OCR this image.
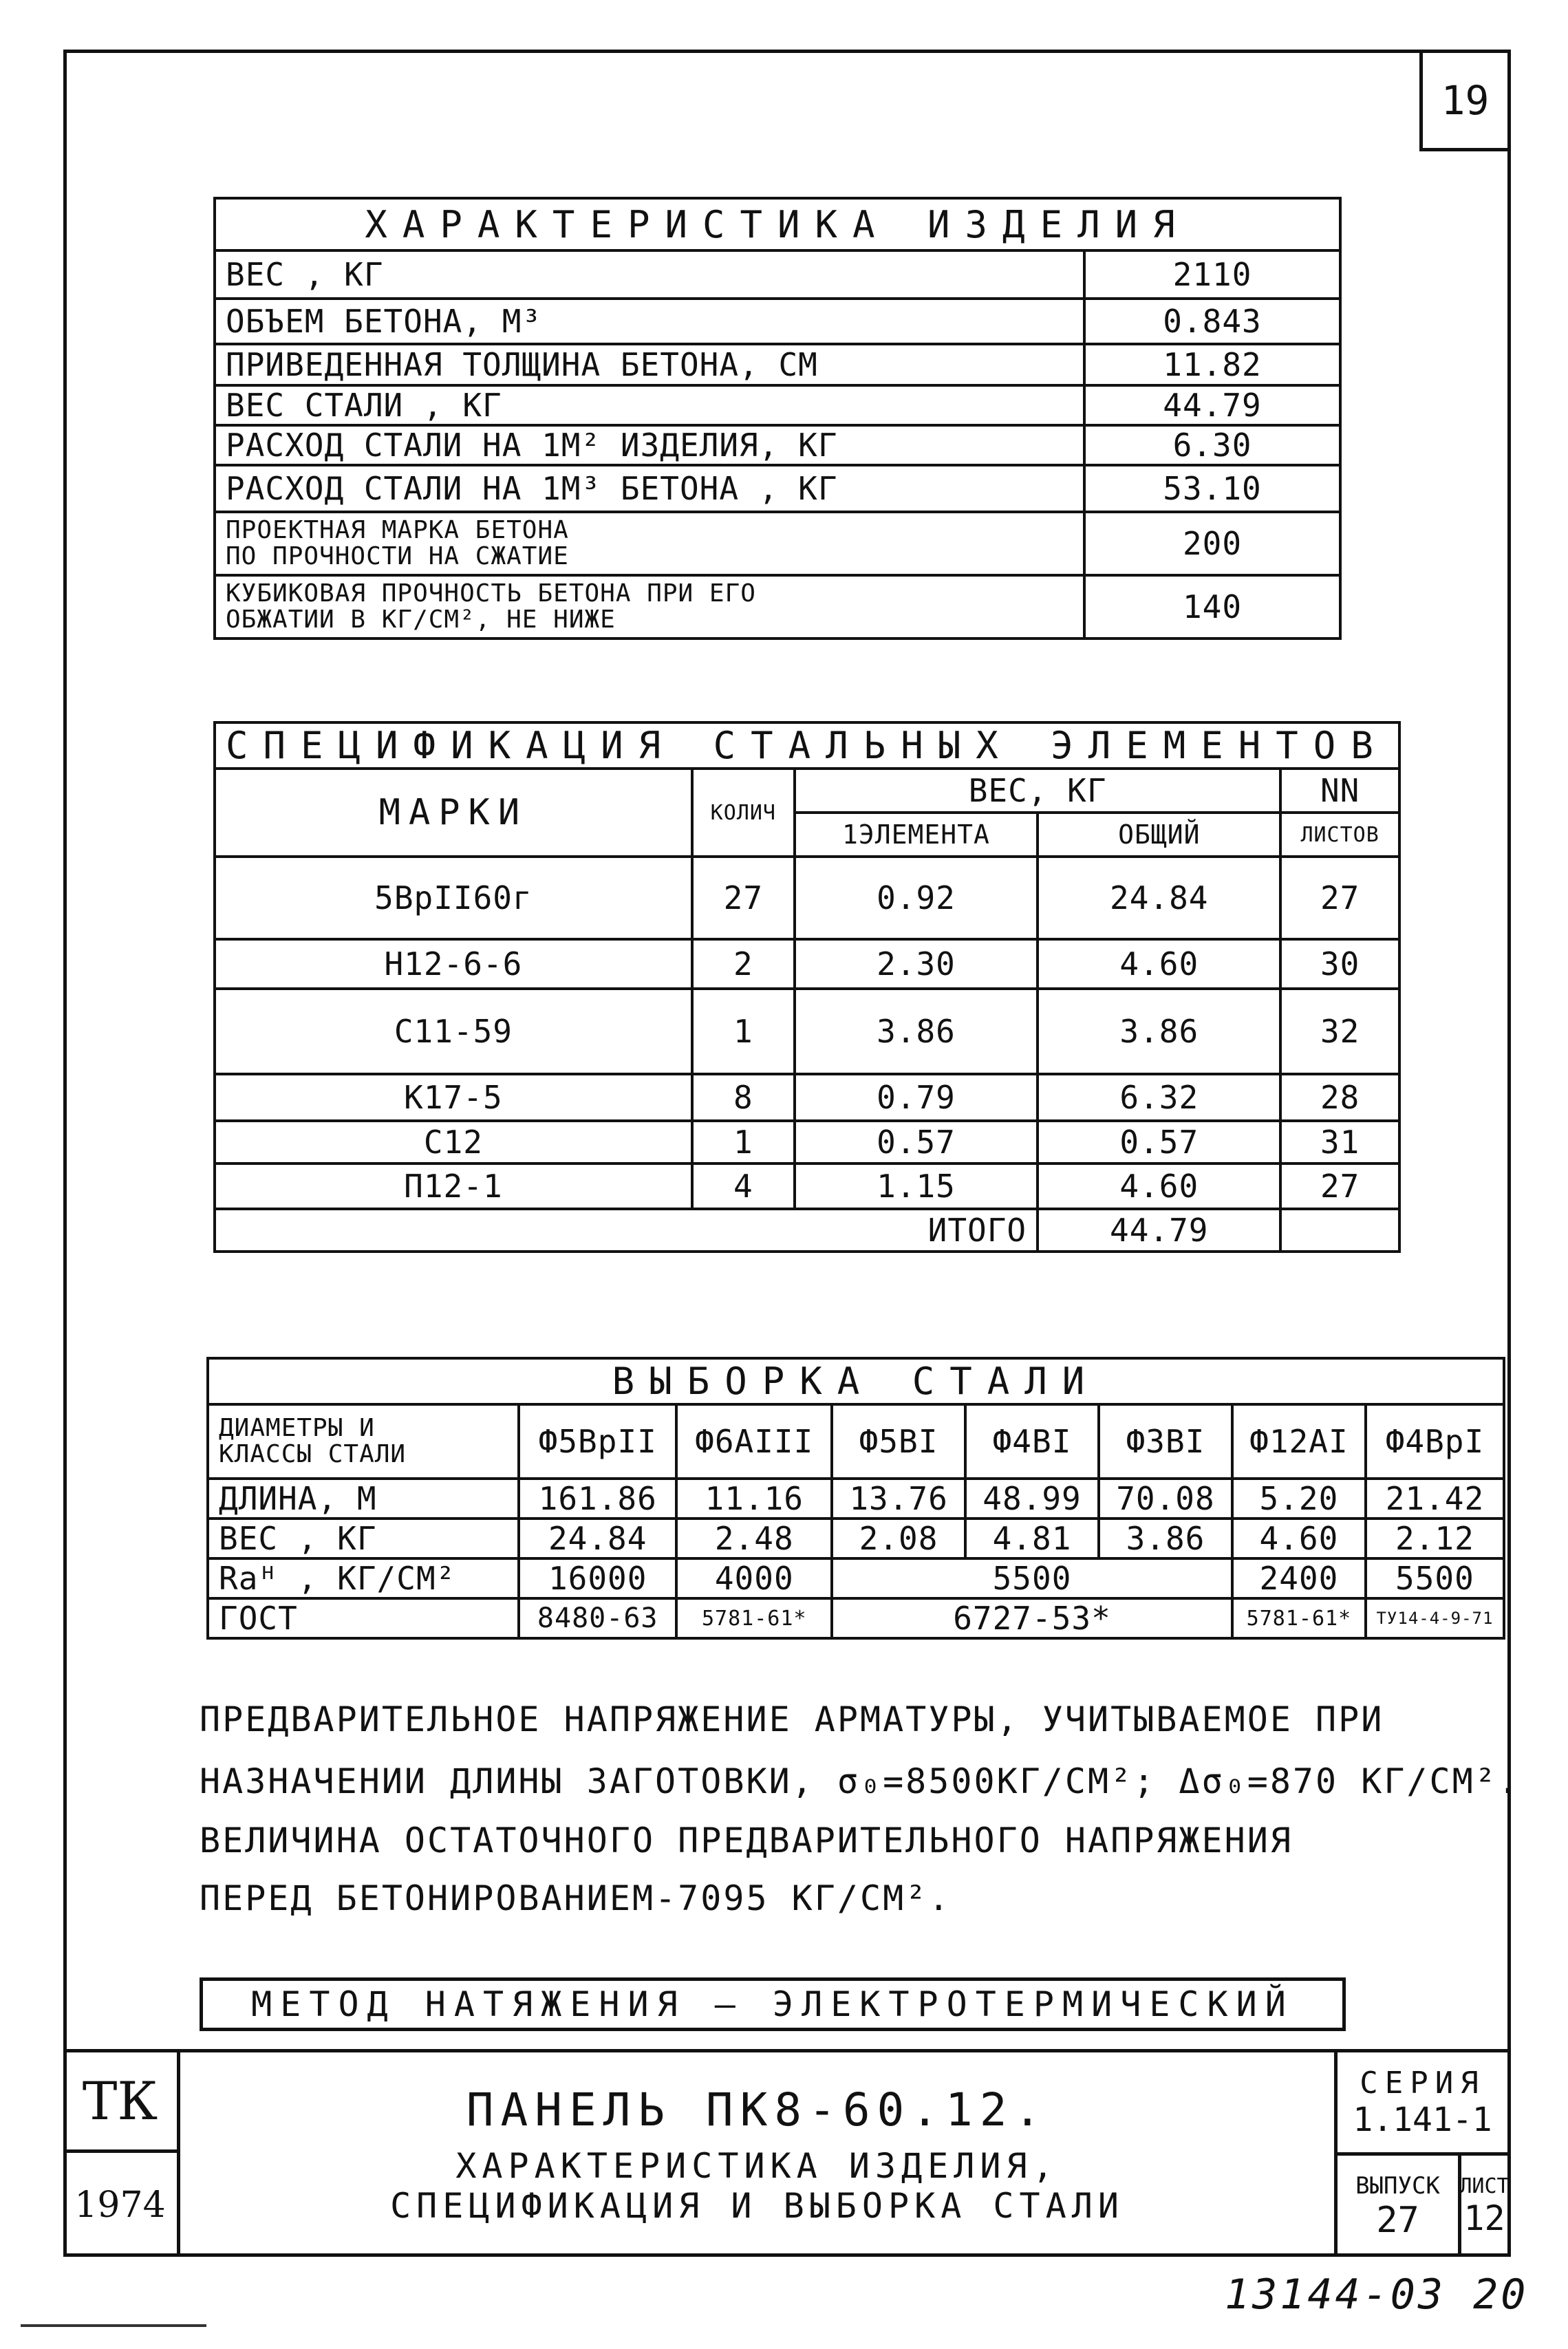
19
ХАРАКТЕРИСТИКА ИЗДЕЛИЯ	
ВЕС , КГ	2110
ОБЪЕМ БЕТОНА, М³	0.843
ПРИВЕДЕННАЯ ТОЛЩИНА БЕТОНА, СМ	11.82
ВЕС СТАЛИ , КГ	44.79
РАСХОД СТАЛИ НА 1М² ИЗДЕЛИЯ, КГ	6.30
РАСХОД СТАЛИ НА 1М³ БЕТОНА , КГ	53.10

ПРОЕКТНАЯ МАРКА БЕТОНА
ПО ПРОЧНОСТИ НА СЖАТИЕ	200

КУБИКОВАЯ ПРОЧНОСТЬ БЕТОНА ПРИ ЕГО
ОБЖАТИИ В КГ/СМ², НЕ НИЖЕ	140
СПЕЦИФИКАЦИЯ СТАЛЬНЫХ ЭЛЕМЕНТОВ				
МАРКИ	КОЛИЧ	ВЕС, КГ		NN
		1ЭЛЕМЕНТА	ОБЩИЙ	ЛИСТОВ
5ВрII60г	27	0.92	24.84	27
Н12-6-6	2	2.30	4.60	30
С11-59	1	3.86	3.86	32
К17-5	8	0.79	6.32	28
С12	1	0.57	0.57	31
П12-1	4	1.15	4.60	27
ИТОГО			44.79	
ВЫБОРКА СТАЛИ							

ДИАМЕТРЫ И
КЛАССЫ СТАЛИ	Ф5ВрII	Ф6АIII	Ф5ВI	Ф4ВI	Ф3ВI	Ф12АI	Ф4ВрI
ДЛИНА, М	161.86	11.16	13.76	48.99	70.08	5.20	21.42
ВЕС , КГ	24.84	2.48	2.08	4.81	3.86	4.60	2.12
Rаᴴ , КГ/СМ²	16000	4000	5500			2400	5500
ГОСТ	8480-63	5781-61*	6727-53*			5781-61*	ТУ14-4-9-71
ПРЕДВАРИТЕЛЬНОЕ НАПРЯЖЕНИЕ АРМАТУРЫ, УЧИТЫВАЕМОЕ ПРИ
НАЗНАЧЕНИИ ДЛИНЫ ЗАГОТОВКИ, σ₀=8500КГ/СМ²; Δσ₀=870 КГ/СМ².
ВЕЛИЧИНА ОСТАТОЧНОГО ПРЕДВАРИТЕЛЬНОГО НАПРЯЖЕНИЯ
ПЕРЕД БЕТОНИРОВАНИЕМ-7095 КГ/СМ².
МЕТОД НАТЯЖЕНИЯ — ЭЛЕКТРОТЕРМИЧЕСКИЙ
ТК
1974
ПАНЕЛЬ ПК8-60.12.
ХАРАКТЕРИСТИКА ИЗДЕЛИЯ,
СПЕЦИФИКАЦИЯ И ВЫБОРКА СТАЛИ
СЕРИЯ
1.141-1
ВЫПУСК
27
ЛИСТ
12
13144-03 20
